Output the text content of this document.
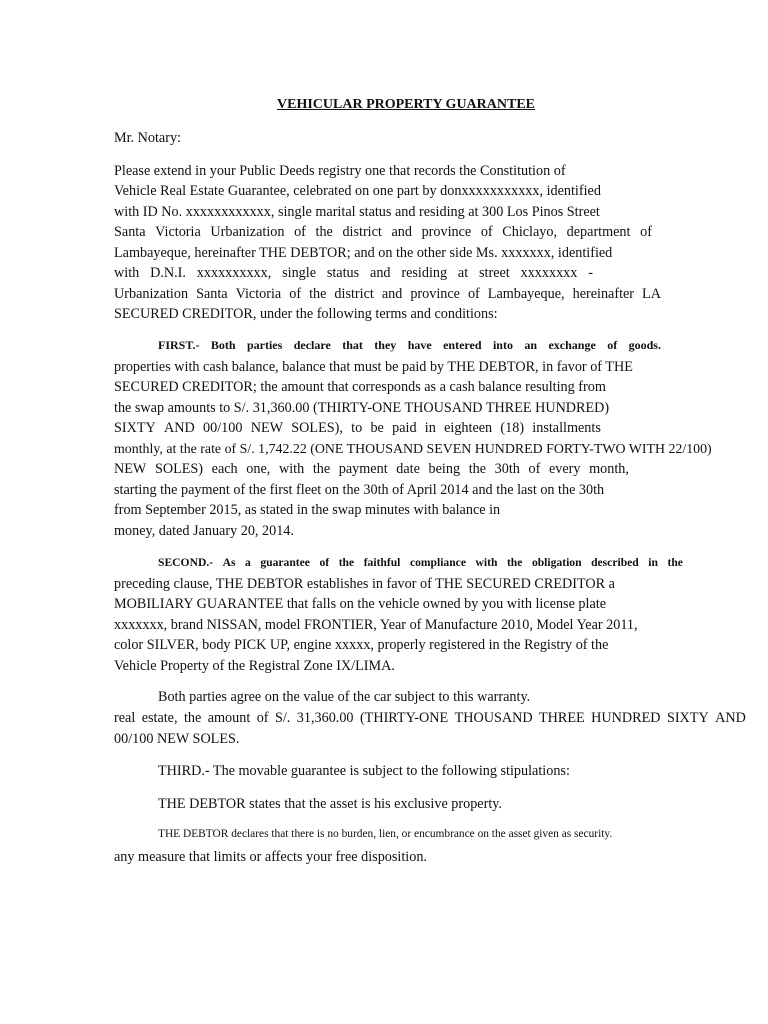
VEHICULAR PROPERTY GUARANTEE
Mr. Notary:
Please extend in your Public Deeds registry one that records the Constitution of
Vehicle Real Estate Guarantee, celebrated on one part by donxxxxxxxxxxx, identified
with ID No. xxxxxxxxxxxx, single marital status and residing at 300 Los Pinos Street
Santa Victoria Urbanization of the district and province of Chiclayo, department of
Lambayeque, hereinafter THE DEBTOR; and on the other side Ms. xxxxxxx, identified
with D.N.I. xxxxxxxxxx, single status and residing at street xxxxxxxx -
Urbanization Santa Victoria of the district and province of Lambayeque, hereinafter LA
SECURED CREDITOR, under the following terms and conditions:
FIRST.- Both parties declare that they have entered into an exchange of goods.
properties with cash balance, balance that must be paid by THE DEBTOR, in favor of THE
SECURED CREDITOR; the amount that corresponds as a cash balance resulting from
the swap amounts to S/. 31,360.00 (THIRTY-ONE THOUSAND THREE HUNDRED)
SIXTY AND 00/100 NEW SOLES), to be paid in eighteen (18) installments
monthly, at the rate of S/. 1,742.22 (ONE THOUSAND SEVEN HUNDRED FORTY-TWO WITH 22/100)
NEW SOLES) each one, with the payment date being the 30th of every month,
starting the payment of the first fleet on the 30th of April 2014 and the last on the 30th
from September 2015, as stated in the swap minutes with balance in
money, dated January 20, 2014.
SECOND.- As a guarantee of the faithful compliance with the obligation described in the
preceding clause, THE DEBTOR establishes in favor of THE SECURED CREDITOR a
MOBILIARY GUARANTEE that falls on the vehicle owned by you with license plate
xxxxxxx, brand NISSAN, model FRONTIER, Year of Manufacture 2010, Model Year 2011,
color SILVER, body PICK UP, engine xxxxx, properly registered in the Registry of the
Vehicle Property of the Registral Zone IX/LIMA.
Both parties agree on the value of the car subject to this warranty.
real estate, the amount of S/. 31,360.00 (THIRTY-ONE THOUSAND THREE HUNDRED SIXTY AND
00/100 NEW SOLES.
THIRD.- The movable guarantee is subject to the following stipulations:
THE DEBTOR states that the asset is his exclusive property.
THE DEBTOR declares that there is no burden, lien, or encumbrance on the asset given as security.
any measure that limits or affects your free disposition.
